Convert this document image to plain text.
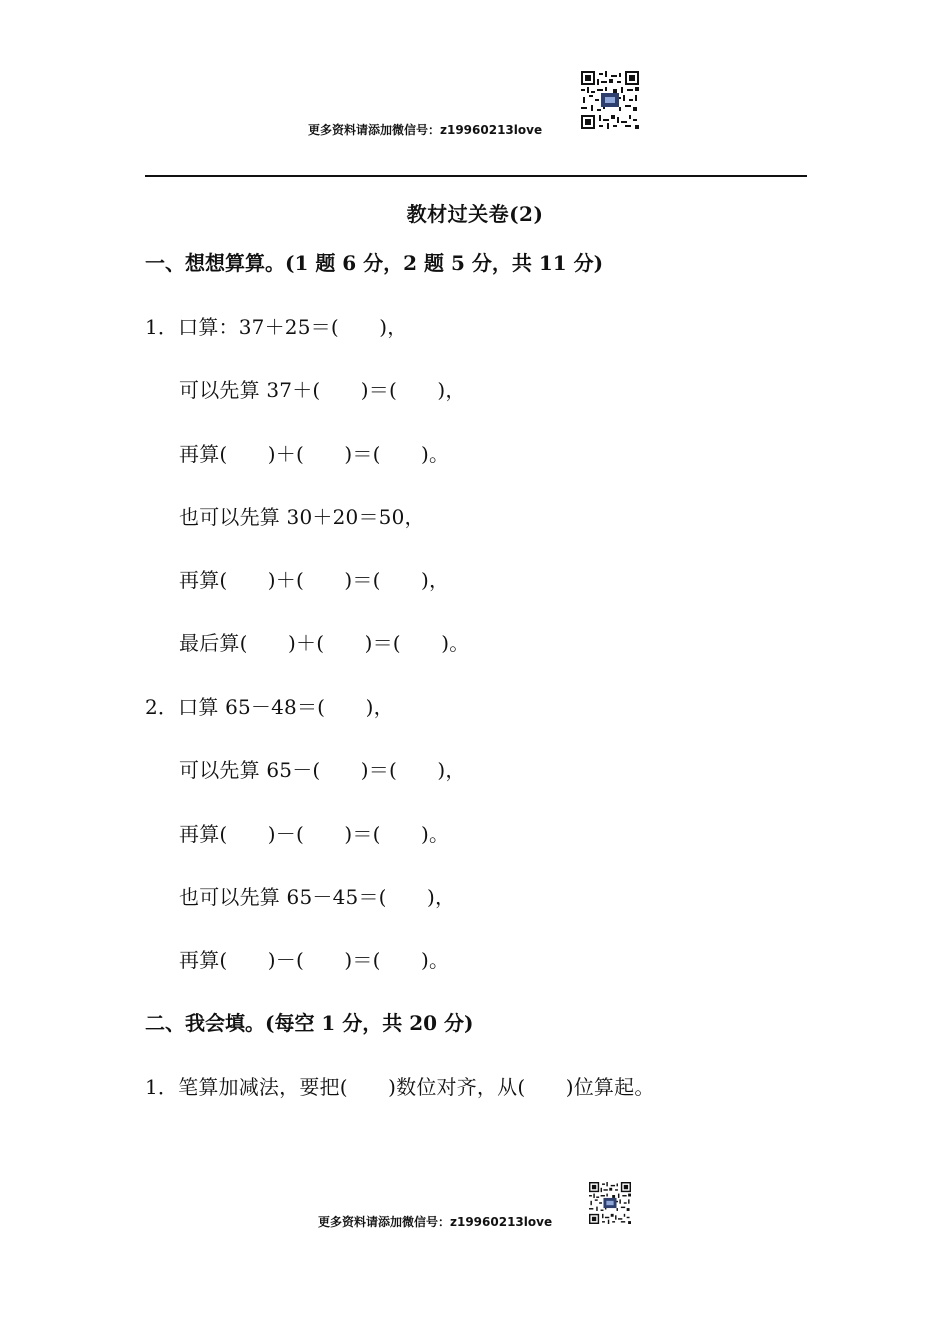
更多资料请添加微信号：z19960213love
教材过关卷(2)
一、想想算算。(1 题 6 分，2 题 5 分，共 11 分)
1．口算：37＋25＝(　　)，
可以先算 37＋(　　)＝(　　)，
再算(　　)＋(　　)＝(　　)。
也可以先算 30＋20＝50，
再算(　　)＋(　　)＝(　　)，
最后算(　　)＋(　　)＝(　　)。
2．口算 65－48＝(　　)，
可以先算 65－(　　)＝(　　)，
再算(　　)－(　　)＝(　　)。
也可以先算 65－45＝(　　)，
再算(　　)－(　　)＝(　　)。
二、我会填。(每空 1 分，共 20 分)
1．笔算加减法，要把(　　)数位对齐，从(　　)位算起。
更多资料请添加微信号：z19960213love
